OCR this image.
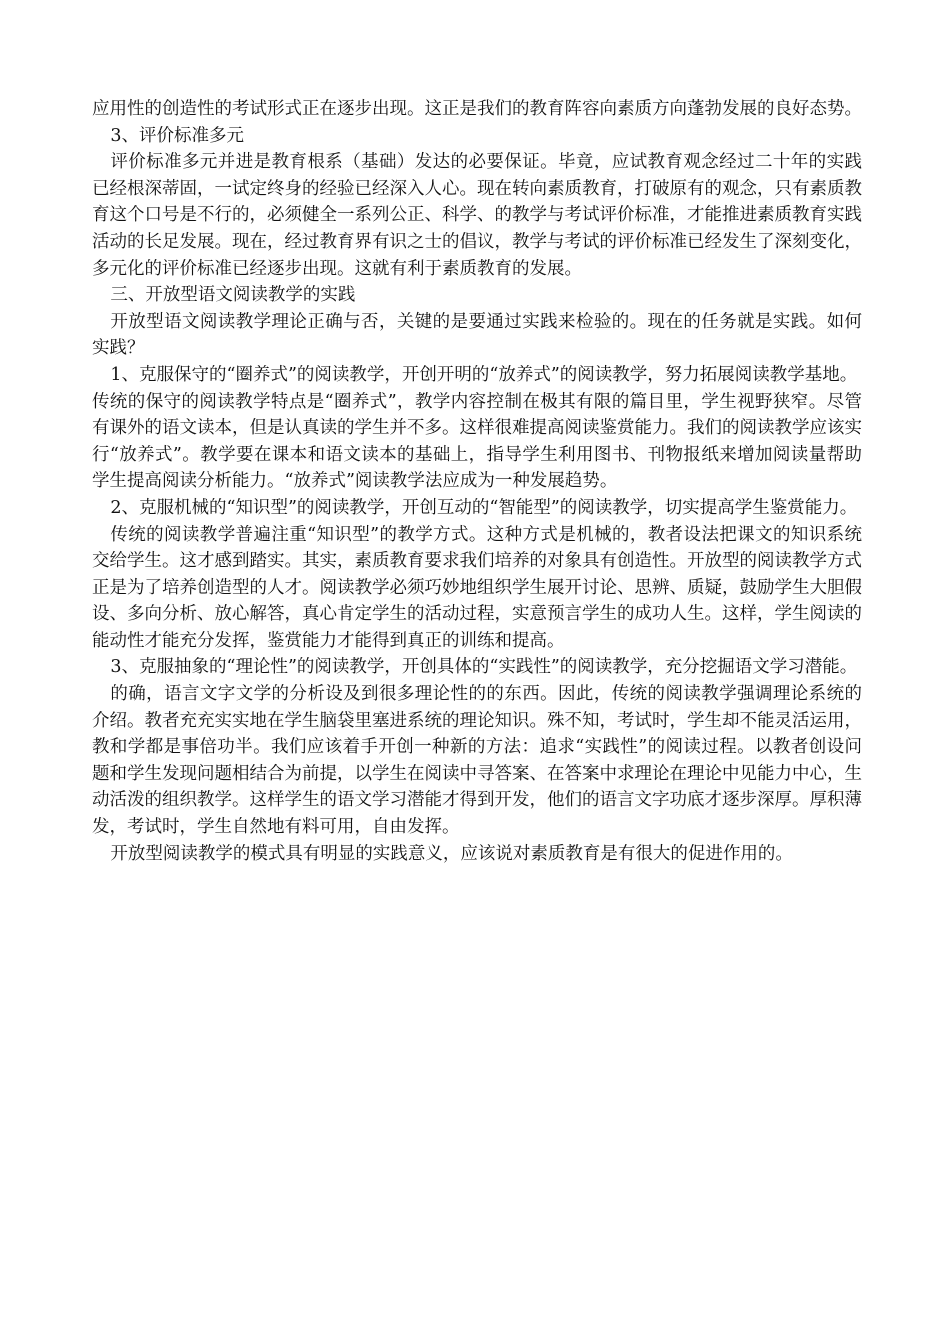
应用性的创造性的考试形式正在逐步出现。这正是我们的教育阵容向素质方向蓬勃发展的良好态势。

3、评价标准多元

评价标准多元并进是教育根系（基础）发达的必要保证。毕竟，应试教育观念经过二十年的实践已经根深蒂固，一试定终身的经验已经深入人心。现在转向素质教育，打破原有的观念，只有素质教育这个口号是不行的，必须健全一系列公正、科学、的教学与考试评价标准，才能推进素质教育实践活动的长足发展。现在，经过教育界有识之士的倡议，教学与考试的评价标准已经发生了深刻变化，多元化的评价标准已经逐步出现。这就有利于素质教育的发展。

三、开放型语文阅读教学的实践

开放型语文阅读教学理论正确与否，关键的是要通过实践来检验的。现在的任务就是实践。如何实践？

1、克服保守的“圈养式”的阅读教学，开创开明的“放养式”的阅读教学，努力拓展阅读教学基地。

传统的保守的阅读教学特点是“圈养式”，教学内容控制在极其有限的篇目里，学生视野狭窄。尽管有课外的语文读本，但是认真读的学生并不多。这样很难提高阅读鉴赏能力。我们的阅读教学应该实行“放养式”。教学要在课本和语文读本的基础上，指导学生利用图书、刊物报纸来增加阅读量帮助学生提高阅读分析能力。“放养式”阅读教学法应成为一种发展趋势。

2、克服机械的“知识型”的阅读教学，开创互动的“智能型”的阅读教学，切实提高学生鉴赏能力。

传统的阅读教学普遍注重“知识型”的教学方式。这种方式是机械的，教者设法把课文的知识系统交给学生。这才感到踏实。其实，素质教育要求我们培养的对象具有创造性。开放型的阅读教学方式正是为了培养创造型的人才。阅读教学必须巧妙地组织学生展开讨论、思辨、质疑，鼓励学生大胆假设、多向分析、放心解答，真心肯定学生的活动过程，实意预言学生的成功人生。这样，学生阅读的能动性才能充分发挥，鉴赏能力才能得到真正的训练和提高。

3、克服抽象的“理论性”的阅读教学，开创具体的“实践性”的阅读教学，充分挖掘语文学习潜能。

的确，语言文字文学的分析设及到很多理论性的的东西。因此，传统的阅读教学强调理论系统的介绍。教者充充实实地在学生脑袋里塞进系统的理论知识。殊不知，考试时，学生却不能灵活运用，教和学都是事倍功半。我们应该着手开创一种新的方法：追求“实践性”的阅读过程。以教者创设问题和学生发现问题相结合为前提，以学生在阅读中寻答案、在答案中求理论在理论中见能力中心，生动活泼的组织教学。这样学生的语文学习潜能才得到开发，他们的语言文字功底才逐步深厚。厚积薄发，考试时，学生自然地有料可用，自由发挥。

开放型阅读教学的模式具有明显的实践意义，应该说对素质教育是有很大的促进作用的。
